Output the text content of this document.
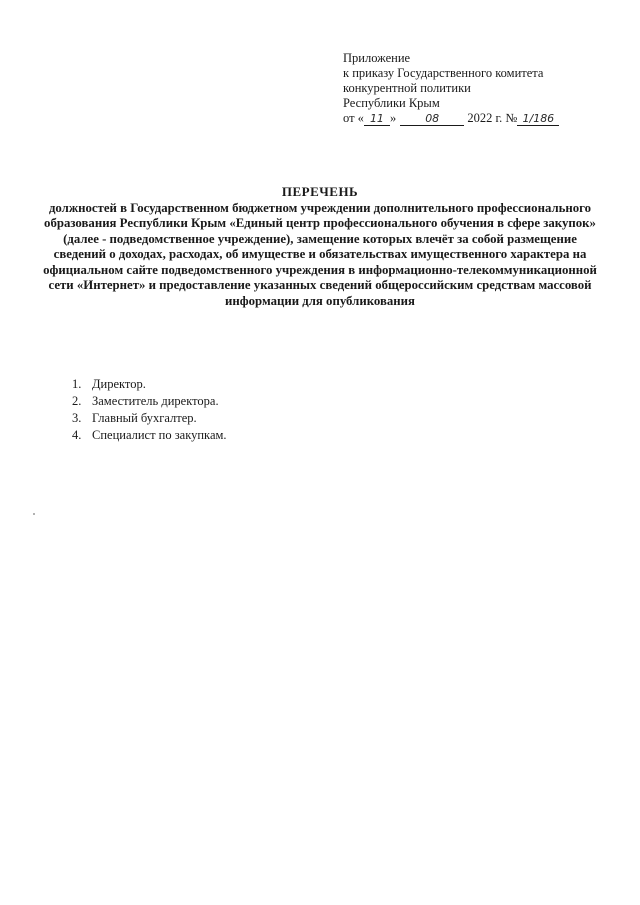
Приложение
к приказу Государственного комитета
конкурентной политики
Республики Крым
от « 11 »	08 2022 г. № 1/186
ПЕРЕЧЕНЬ
должностей в Государственном бюджетном учреждении дополнительного профессионального образования Республики Крым «Единый центр профессионального обучения в сфере закупок» (далее - подведомственное учреждение), замещение которых влечёт за собой размещение сведений о доходах, расходах, об имуществе и обязательствах имущественного характера на официальном сайте подведомственного учреждения в информационно-телекоммуникационной сети «Интернет» и предоставление указанных сведений общероссийским средствам массовой информации для опубликования
1. Директор.
2. Заместитель директора.
3. Главный бухгалтер.
4. Специалист по закупкам.
